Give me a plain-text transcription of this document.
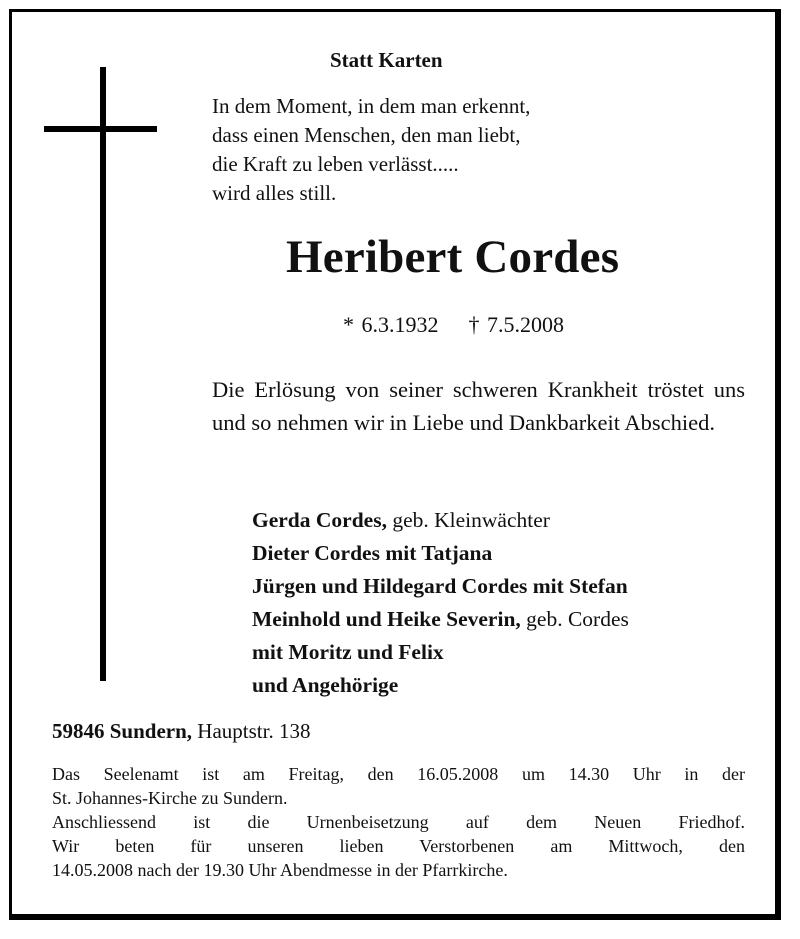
Statt Karten
In dem Moment, in dem man erkennt,
dass einen Menschen, den man liebt,
die Kraft zu leben verlässt.....
wird alles still.
Heribert Cordes
* 6.3.1932 † 7.5.2008
Die Erlösung von seiner schweren Krankheit tröstet uns und so nehmen wir in Liebe und Dankbarkeit Abschied.
Gerda Cordes, geb. Kleinwächter
Dieter Cordes mit Tatjana
Jürgen und Hildegard Cordes mit Stefan
Meinhold und Heike Severin, geb. Cordes
mit Moritz und Felix
und Angehörige
59846 Sundern, Hauptstr. 138
Das Seelenamt ist am Freitag, den 16.05.2008 um 14.30 Uhr in der
St. Johannes-Kirche zu Sundern.
Anschliessend ist die Urnenbeisetzung auf dem Neuen Friedhof.
Wir beten für unseren lieben Verstorbenen am Mittwoch, den
14.05.2008 nach der 19.30 Uhr Abendmesse in der Pfarrkirche.
